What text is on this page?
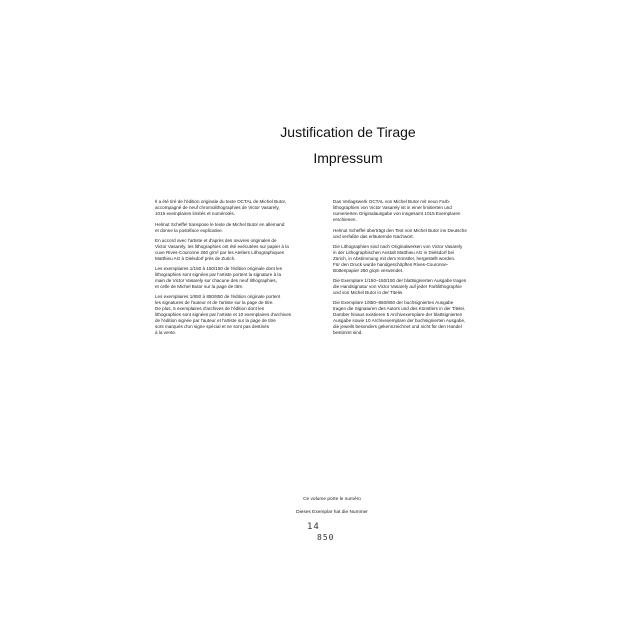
Justification de Tirage
Impressum

Il a été tiré de l'édition originale du texte OCTAL de Michel Butor,
accompagné de neuf chromolithographies de Victor Vasarely,
1015 exemplaires limités et numérotés.

Helmut Scheffel transpose le texte de Michel Butor en allemand
et donne la postéface explicative.

En accord avec l'artiste et d'après des œuvres originales de
Victor Vasarely, les lithographies ont été exécutées sur papier à la
cuve Rives-Couronne 260 g/m² par les Ateliers Lithographiques
Matthieu AG à Dielsdorf près de Zurich.

Les exemplaires 1/150 à 150/150 de l'édition originale dont les
lithographies sont signées par l'artiste portent la signature à la
main de Victor Vasarely sur chacune des neuf lithographies,
et celle de Michel Butor sur la page de titre.

Les exemplaires 1/850 à 850/850 de l'édition originale portent
les signatures de l'auteur et de l'artiste sur la page de titre.
De plus, 5 exemplaires d'archives de l'édition dont les
lithographies sont signées par l'artiste et 10 exemplaires d'archives
de l'édition signée par l'auteur et l'artiste sur la page de titre
sont marqués d'un signe spécial et ne sont pas destinés
à la vente.

Das Verlagswerk OCTAL von Michel Butor mit neun Farb-
lithographien von Victor Vasarely ist in einer limitierten und
numerierten Originalausgabe von insgesamt 1015 Exemplaren
erschienen.

Helmut Scheffel überträgt den Text von Michel Butor ins Deutsche
und verfaßte das erläuternde Nachwort.

Die Lithographien sind nach Originalwerken von Victor Vasarely
in der Lithographischen Anstalt Matthieu AG in Dielsdorf bei
Zürich, in Abstimmung mit dem Künstler, hergestellt worden.
Für den Druck wurde handgeschöpftes Rives-Couronne-
Büttenpapier 260 g/qm verwendet.

Die Exemplare 1/150–150/150 der blattsignierten Ausgabe tragen
die Handsignatur von Victor Vasarely auf jeder Farblithographie
und von Michel Butor in der Titelei.

Die Exemplare 1/850–850/850 der buchsignierten Ausgabe
tragen die Signaturen des Autors und des Künstlers in der Titelei.
Darüber hinaus existieren 5 Archivexemplare der blattsignierten
Ausgabe sowie 10 Archivexemplare der buchsignierten Ausgabe,
die jeweils besonders gekennzeichnet und nicht für den Handel
bestimmt sind.

Ce volume porte le numéro
Dieses Exemplar hat die Nummer
14
850
